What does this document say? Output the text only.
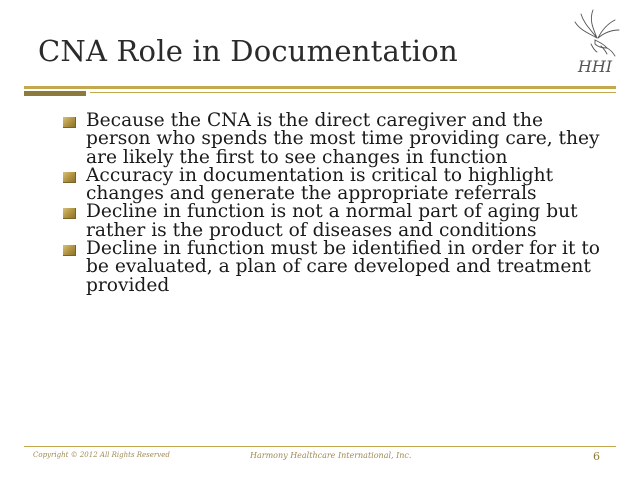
CNA Role in Documentation	HHI
Because the CNA is the direct caregiver and the person who spends the most time providing care, they are likely the first to see changes in function
Accuracy in documentation is critical to highlight changes and generate the appropriate referrals
Decline in function is not a normal part of aging but rather is the product of diseases and conditions
Decline in function must be identified in order for it to be evaluated, a plan of care developed and treatment provided
Copyright © 2012 All Rights Reserved	Harmony Healthcare International, Inc.	6
